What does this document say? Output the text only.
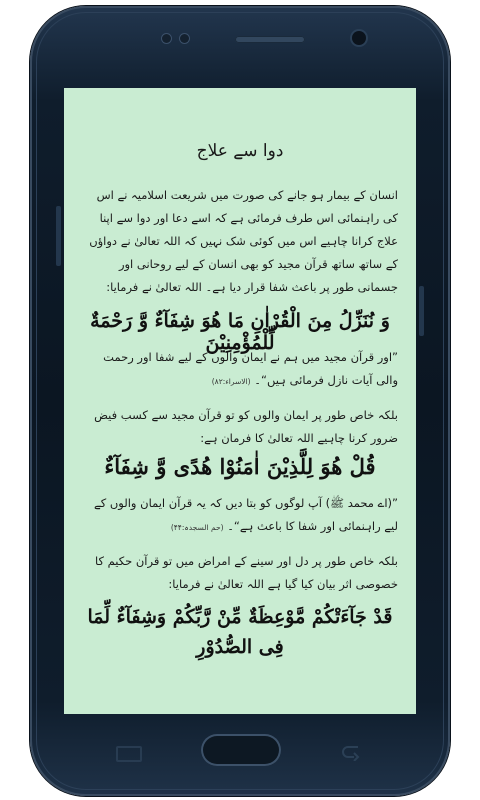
دوا سے علاج
انسان کے بیمار ہو جانے کی صورت میں شریعت اسلامیہ نے اس کی راہنمائی اس طرف فرمائی ہے کہ اسے دعا اور دوا سے اپنا علاج کرانا چاہیے اس میں کوئی شک نہیں کہ اللہ تعالیٰ نے دواؤں کے ساتھ ساتھ قرآن مجید کو بھی انسان کے لیے روحانی اور جسمانی طور پر باعث شفا قرار دیا ہے۔ اللہ تعالیٰ نے فرمایا:
وَ نُنَزِّلُ مِنَ الْقُرْاٰنِ مَا هُوَ شِفَآءٌ وَّ رَحْمَةٌ لِّلْمُؤْمِنِيْنَ
”اور قرآن مجید میں ہم نے ایمان والوں کے لیے شفا اور رحمت والی آیات نازل فرمائی ہیں“۔ (الاسراء:۸۲)
بلکہ خاص طور پر ایمان والوں کو تو قرآن مجید سے کسب فیض ضرور کرنا چاہیے اللہ تعالیٰ کا فرمان ہے:
قُلْ هُوَ لِلَّذِيْنَ اٰمَنُوْا هُدًى وَّ شِفَآءٌ
”(اے محمد ﷺ) آپ لوگوں کو بتا دیں کہ یہ قرآن ایمان والوں کے لیے راہنمائی اور شفا کا باعث ہے“۔ (حم السجدہ:۴۴)
بلکہ خاص طور پر دل اور سینے کے امراض میں تو قرآن حکیم کا خصوصی اثر بیان کیا گیا ہے اللہ تعالیٰ نے فرمایا:
قَدْ جَآءَتْكُمْ مَّوْعِظَةٌ مِّنْ رَّبِّكُمْ وَشِفَآءٌ لِّمَا فِى الصُّدُوْرِ
